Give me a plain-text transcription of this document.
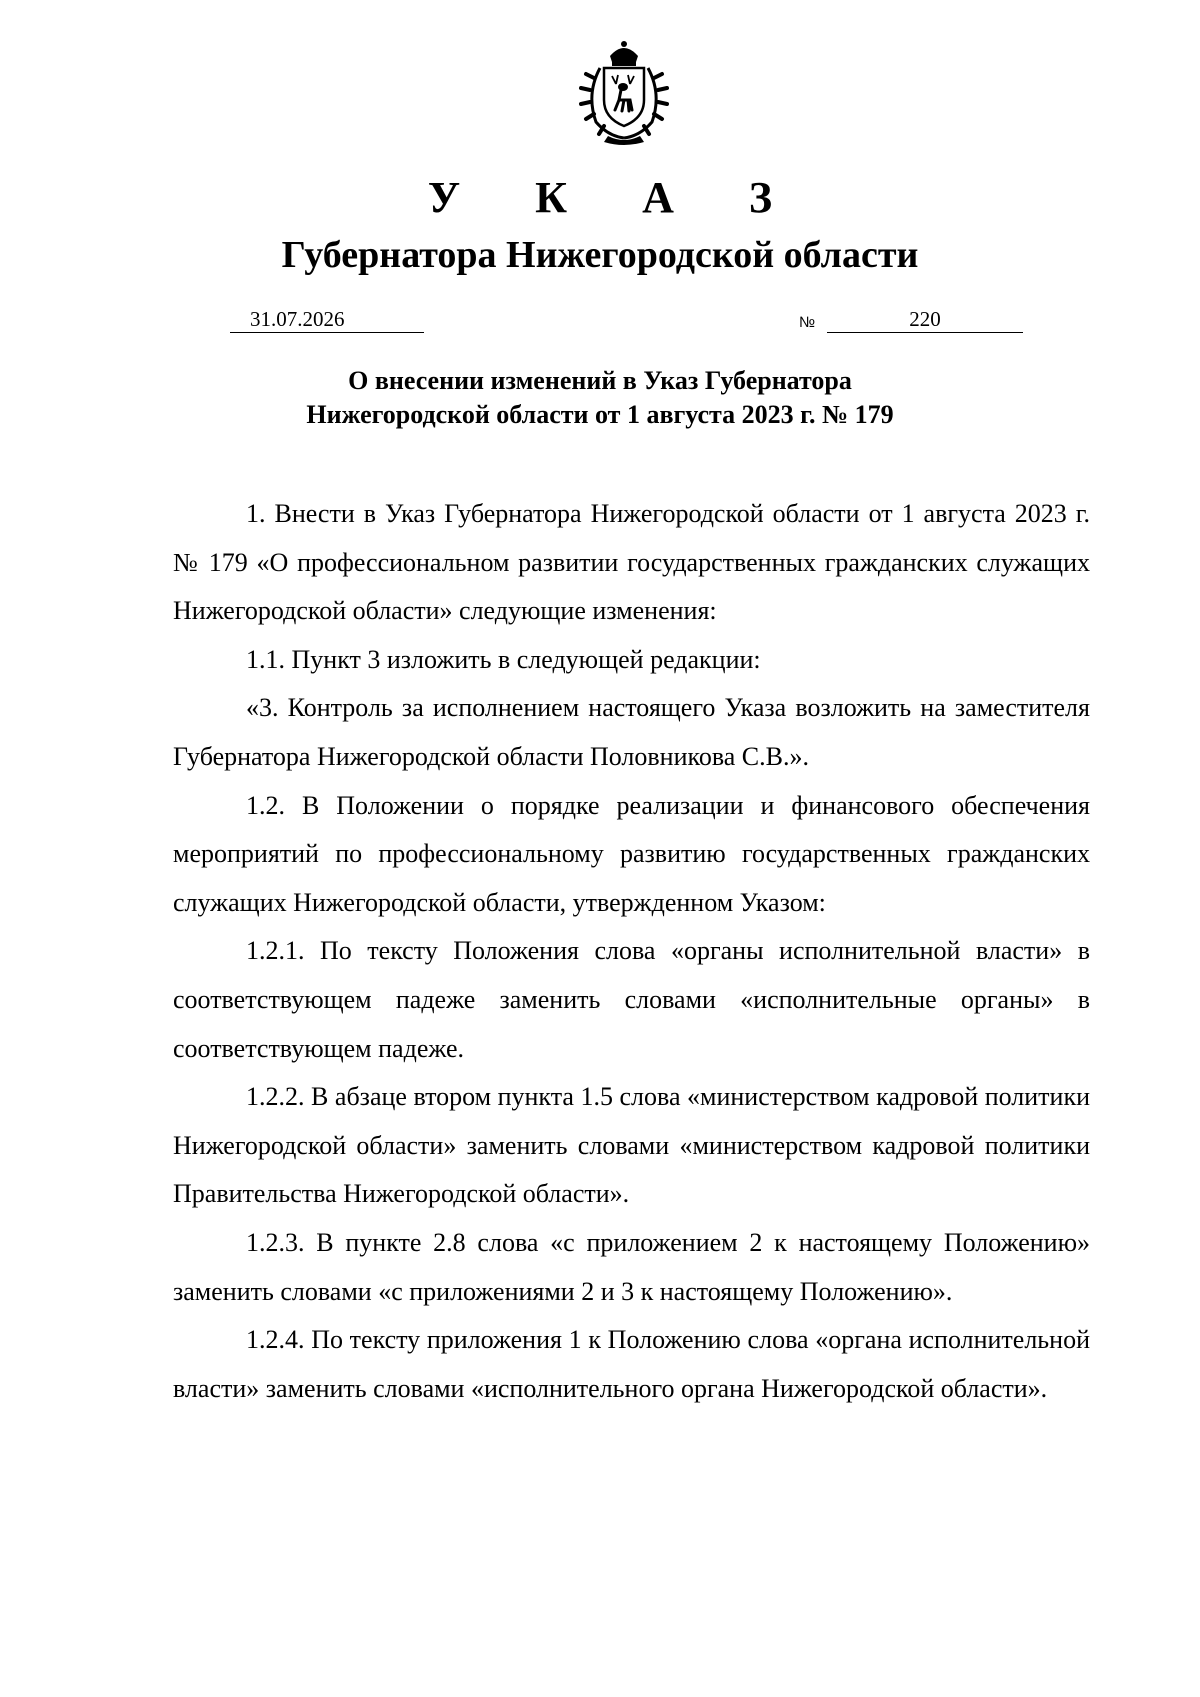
У К А З
Губернатора Нижегородской области
31.07.2026	№	220
О внесении изменений в Указ Губернатора
Нижегородской области от 1 августа 2023 г. № 179

1. Внести в Указ Губернатора Нижегородской области от 1 августа 2023 г. № 179 «О профессиональном развитии государственных гражданских служащих Нижегородской области» следующие изменения:

1.1. Пункт 3 изложить в следующей редакции:

«3. Контроль за исполнением настоящего Указа возложить на заместителя Губернатора Нижегородской области Половникова С.В.».

1.2. В Положении о порядке реализации и финансового обеспечения мероприятий по профессиональному развитию государственных гражданских служащих Нижегородской области, утвержденном Указом:

1.2.1. По тексту Положения слова «органы исполнительной власти» в соответствующем падеже заменить словами «исполнительные органы» в соответствующем падеже.

1.2.2. В абзаце втором пункта 1.5 слова «министерством кадровой политики Нижегородской области» заменить словами «министерством кадровой политики Правительства Нижегородской области».

1.2.3. В пункте 2.8 слова «с приложением 2 к настоящему Положению» заменить словами «с приложениями 2 и 3 к настоящему Положению».

1.2.4. По тексту приложения 1 к Положению слова «органа исполнительной власти» заменить словами «исполнительного органа Нижегородской области».
